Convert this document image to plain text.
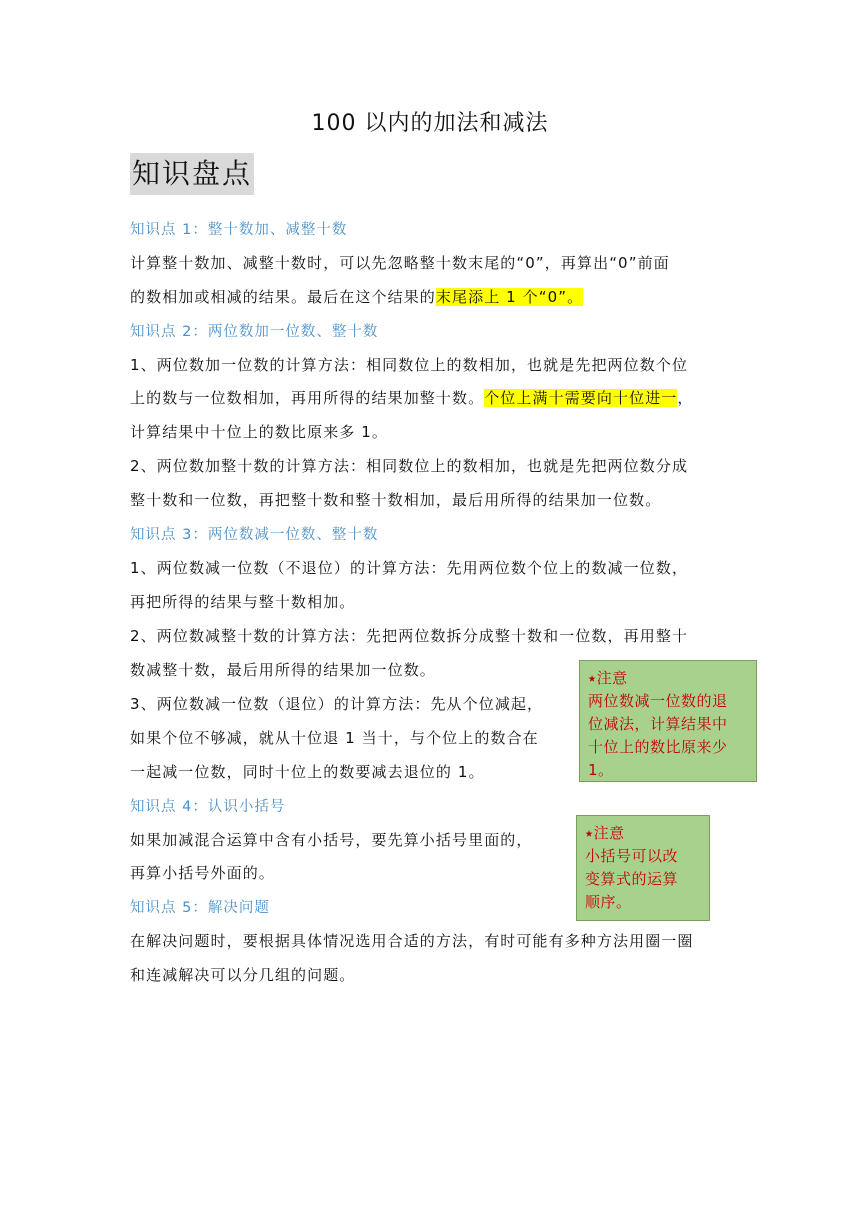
100 以内的加法和减法
知识盘点
知识点 1：整十数加、减整十数
计算整十数加、减整十数时，可以先忽略整十数末尾的“0”，再算出“0”前面
的数相加或相减的结果。最后在这个结果的末尾添上 1 个“0”。
知识点 2：两位数加一位数、整十数
1、两位数加一位数的计算方法：相同数位上的数相加，也就是先把两位数个位
上的数与一位数相加，再用所得的结果加整十数。个位上满十需要向十位进一，
计算结果中十位上的数比原来多 1。
2、两位数加整十数的计算方法：相同数位上的数相加，也就是先把两位数分成
整十数和一位数，再把整十数和整十数相加，最后用所得的结果加一位数。
知识点 3：两位数减一位数、整十数
1、两位数减一位数（不退位）的计算方法：先用两位数个位上的数减一位数，
再把所得的结果与整十数相加。
2、两位数减整十数的计算方法：先把两位数拆分成整十数和一位数，再用整十
数减整十数，最后用所得的结果加一位数。
3、两位数减一位数（退位）的计算方法：先从个位减起，
如果个位不够减，就从十位退 1 当十，与个位上的数合在
一起减一位数，同时十位上的数要减去退位的 1。
知识点 4：认识小括号
如果加减混合运算中含有小括号，要先算小括号里面的，
再算小括号外面的。
知识点 5：解决问题
在解决问题时，要根据具体情况选用合适的方法，有时可能有多种方法用圈一圈
和连减解决可以分几组的问题。
⭑注意
两位数减一位数的退
位减法，计算结果中
十位上的数比原来少
1。
⭑注意
小括号可以改
变算式的运算
顺序。
